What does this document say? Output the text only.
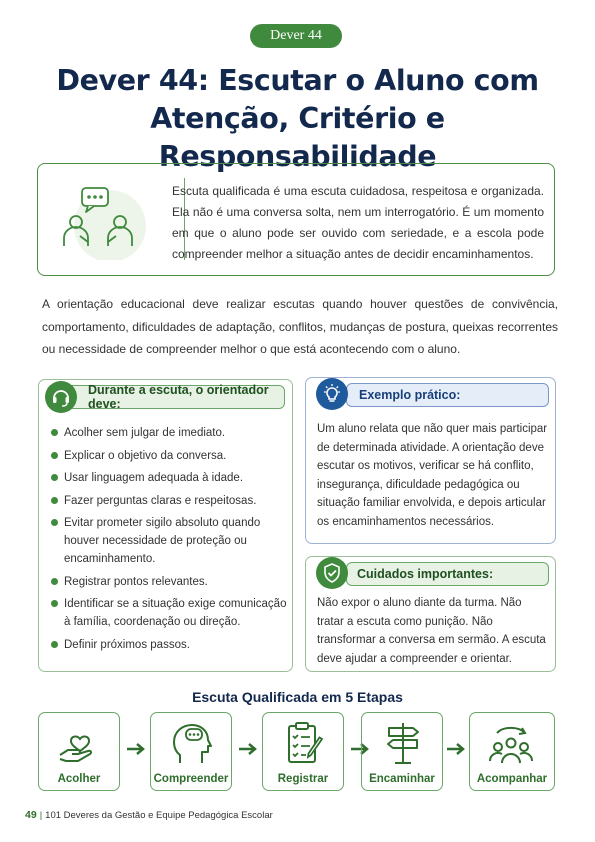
Dever 44
Dever 44: Escutar o Aluno com
Atenção, Critério e Responsabilidade

Escuta qualificada é uma escuta cuidadosa, respeitosa e organizada. Ela não é uma conversa solta, nem um interrogatório. É um momento em que o aluno pode ser ouvido com seriedade, e a escola pode compreender melhor a situação antes de decidir encaminhamentos.

A orientação educacional deve realizar escutas quando houver questões de convivência, comportamento, dificuldades de adaptação, conflitos, mudanças de postura, queixas recorrentes ou necessidade de compreender melhor o que está acontecendo com o aluno.

Durante a escuta, o orientador deve:
Acolher sem julgar de imediato.
Explicar o objetivo da conversa.
Usar linguagem adequada à idade.
Fazer perguntas claras e respeitosas.
Evitar prometer sigilo absoluto quando houver necessidade de proteção ou encaminhamento.
Registrar pontos relevantes.
Identificar se a situação exige comunicação à família, coordenação ou direção.
Definir próximos passos.
Exemplo prático:

Um aluno relata que não quer mais participar de determinada atividade. A orientação deve escutar os motivos, verificar se há conflito, insegurança, dificuldade pedagógica ou situação familiar envolvida, e depois articular os encaminhamentos necessários.

Cuidados importantes:

Não expor o aluno diante da turma. Não tratar a escuta como punição. Não transformar a conversa em sermão. A escuta deve ajudar a compreender e orientar.

Escuta Qualificada em 5 Etapas
Acolher	Compreender	Registrar	Encaminhar	Acompanhar
49 | 101 Deveres da Gestão e Equipe Pedagógica Escolar
